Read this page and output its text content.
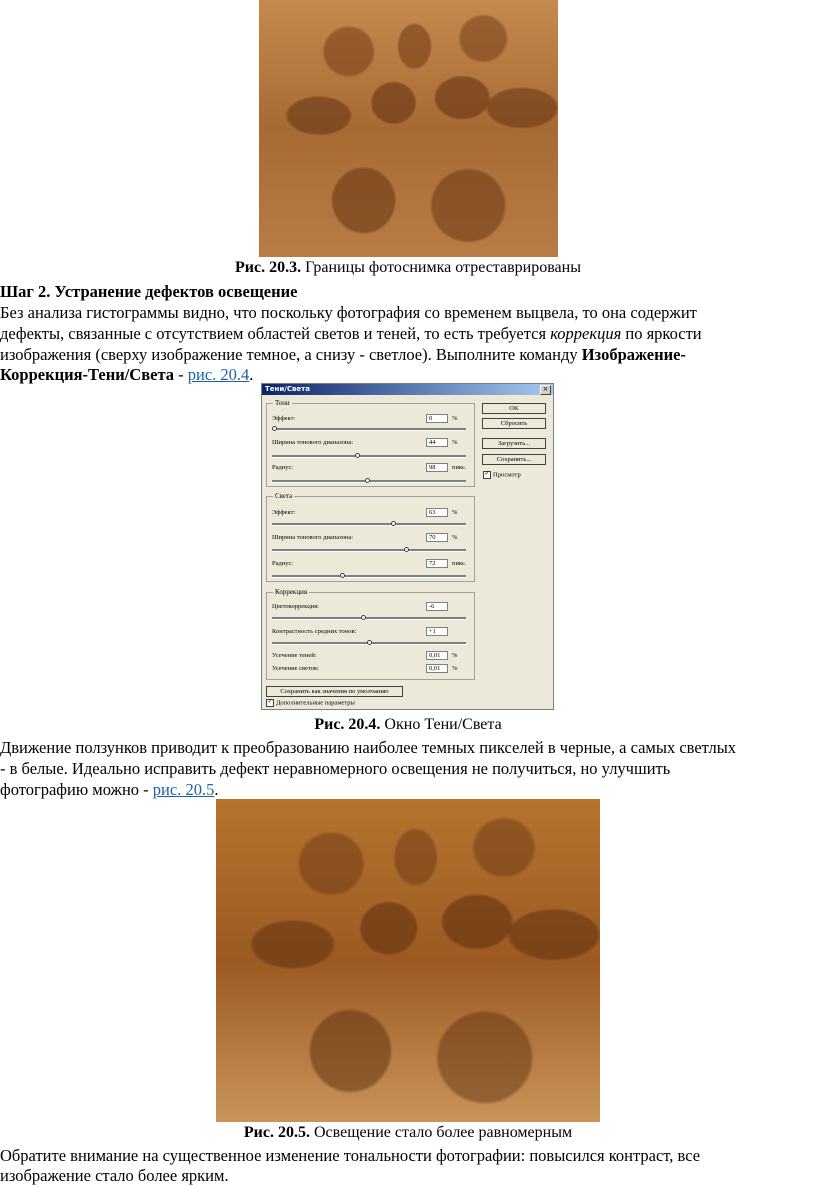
Рис. 20.3. Границы фотоснимка отреставрированы
Шаг 2. Устранение дефектов освещение
Без анализа гистограммы видно, что поскольку фотография со временем выцвела, то она содержит
дефекты, связанные с отсутствием областей светов и теней, то есть требуется коррекция по яркости
изображения (сверху изображение темное, а снизу - светлое). Выполните команду Изображение-
Коррекция-Тени/Света - рис. 20.4.
Тени/Света	×
Тени
Эффект:	0	%
Ширина тонового диапазона:	44	%
Радиус:	98	пикс.
Света
Эффект:	63	%
Ширина тонового диапазона:	70	%
Радиус:	72	пикс.
Коррекция
Цветокоррекция:	-6
Контрастность средних тонов:	+1
Усечение теней:	0,01	%
Усечение светов:	0,01	%
OK
Сбросить
Загрузить...
Сохранить...
✓ Просмотр
Сохранить как значения по умолчанию
✓ Дополнительные параметры
Рис. 20.4. Окно Тени/Света
Движение ползунков приводит к преобразованию наиболее темных пикселей в черные, а самых светлых
- в белые. Идеально исправить дефект неравномерного освещения не получиться, но улучшить
фотографию можно - рис. 20.5.
Рис. 20.5. Освещение стало более равномерным
Обратите внимание на существенное изменение тональности фотографии: повысился контраст, все
изображение стало более ярким.
